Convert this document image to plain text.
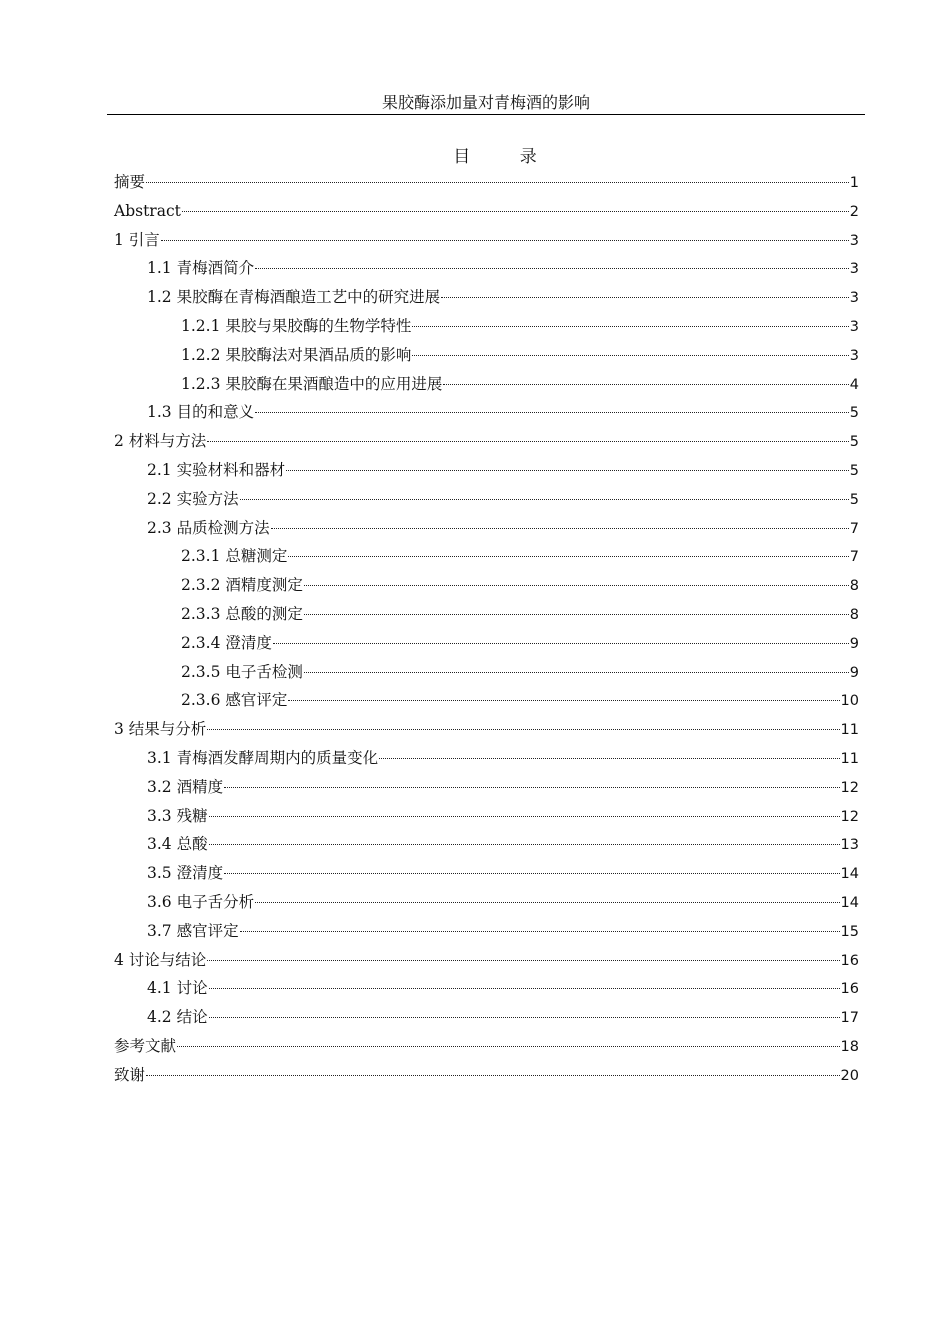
果胶酶添加量对青梅酒的影响
目 录
摘要	1
Abstract	2
1 引言	3
1.1 青梅酒简介	3
1.2 果胶酶在青梅酒酿造工艺中的研究进展	3
1.2.1 果胶与果胶酶的生物学特性	3
1.2.2 果胶酶法对果酒品质的影响	3
1.2.3 果胶酶在果酒酿造中的应用进展	4
1.3 目的和意义	5
2 材料与方法	5
2.1 实验材料和器材	5
2.2 实验方法	5
2.3 品质检测方法	7
2.3.1 总糖测定	7
2.3.2 酒精度测定	8
2.3.3 总酸的测定	8
2.3.4 澄清度	9
2.3.5 电子舌检测	9
2.3.6 感官评定	10
3 结果与分析	11
3.1 青梅酒发酵周期内的质量变化	11
3.2 酒精度	12
3.3 残糖	12
3.4 总酸	13
3.5 澄清度	14
3.6 电子舌分析	14
3.7 感官评定	15
4 讨论与结论	16
4.1 讨论	16
4.2 结论	17
参考文献	18
致谢	20
